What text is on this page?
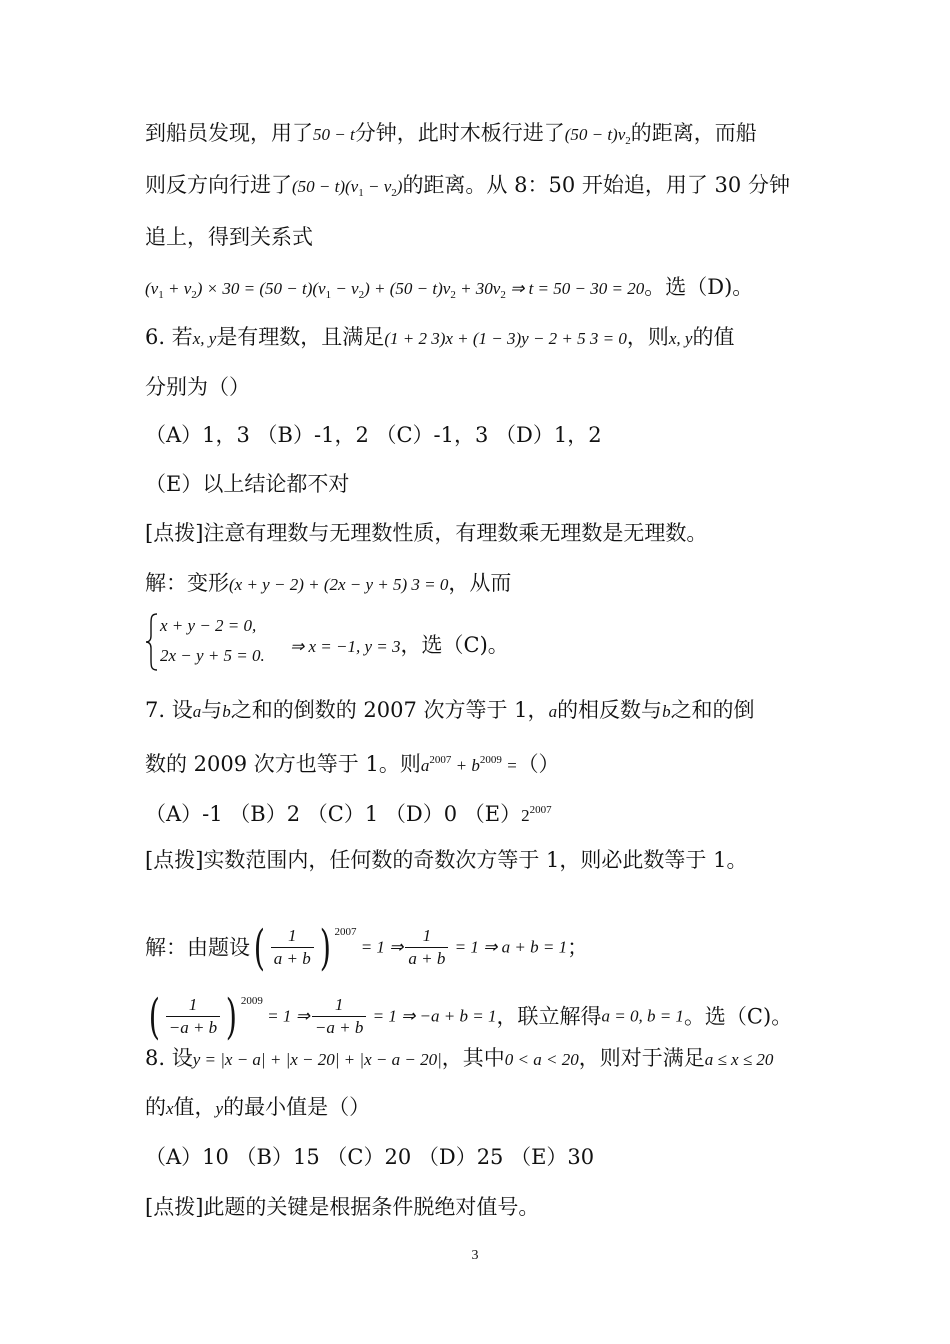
到船员发现，用了50 − t分钟，此时木板行进了$(50 - t)v_2$的距离，而船
则反方向行进了$(50 - t)(v_1 - v_2)$的距离。从 8：50 开始追，用了 30 分钟
追上，得到关系式
$(v_1 + v_2) \times 30 = (50 - t)(v_1 - v_2) + (50 - t)v_2 + 30v_2$ ⇒ t = 50 − 30 = 20。选（D)。
6. 若x, y是有理数，且满足(1 + 2 3)x + (1 − 3)y − 2 + 5 3 = 0，则x, y的值
分别为（）
（A）1，3 （B）-1，2 （C）-1，3 （D）1，2
（E）以上结论都不对
[点拨]注意有理数与无理数性质，有理数乘无理数是无理数。
解：变形(x + y − 2) + (2x − y + 5) 3 = 0，从而
x + y − 2 = 0,
2x − y + 5 = 0. ⇒ x = −1, y = 3，选（C)。
7. 设a与b之和的倒数的 2007 次方等于 1，a的相反数与b之和的倒
数的 2009 次方也等于 1。则$a^{2007} + b^{2009}$ =（）
（A）-1 （B）2 （C）1 （D）0 $(E)2^{2007}$
[点拨]实数范围内，任何数的奇数次方等于 1，则必此数等于 1。
解：由题设( $\frac{1}{a + b}$ ) $^{2007}$ = 1 ⇒ $\frac{1}{a + b} = 1$ ⇒ a + b = 1；
( $\frac{1}{-a + b}$ ) $^{2009}$ = 1 ⇒ $\frac{1}{-a + b} = 1$ ⇒ −a + b = 1，联立解得a = 0, b = 1。选（C)。
8. 设y = |x − a| + |x − 20| + |x − a − 20|，其中0 < a < 20，则对于满足a ≤ x ≤ 20
的x值，y的最小值是（）
（A）10 （B）15 （C）20 （D）25 （E）30
[点拨]此题的关键是根据条件脱绝对值号。
3
